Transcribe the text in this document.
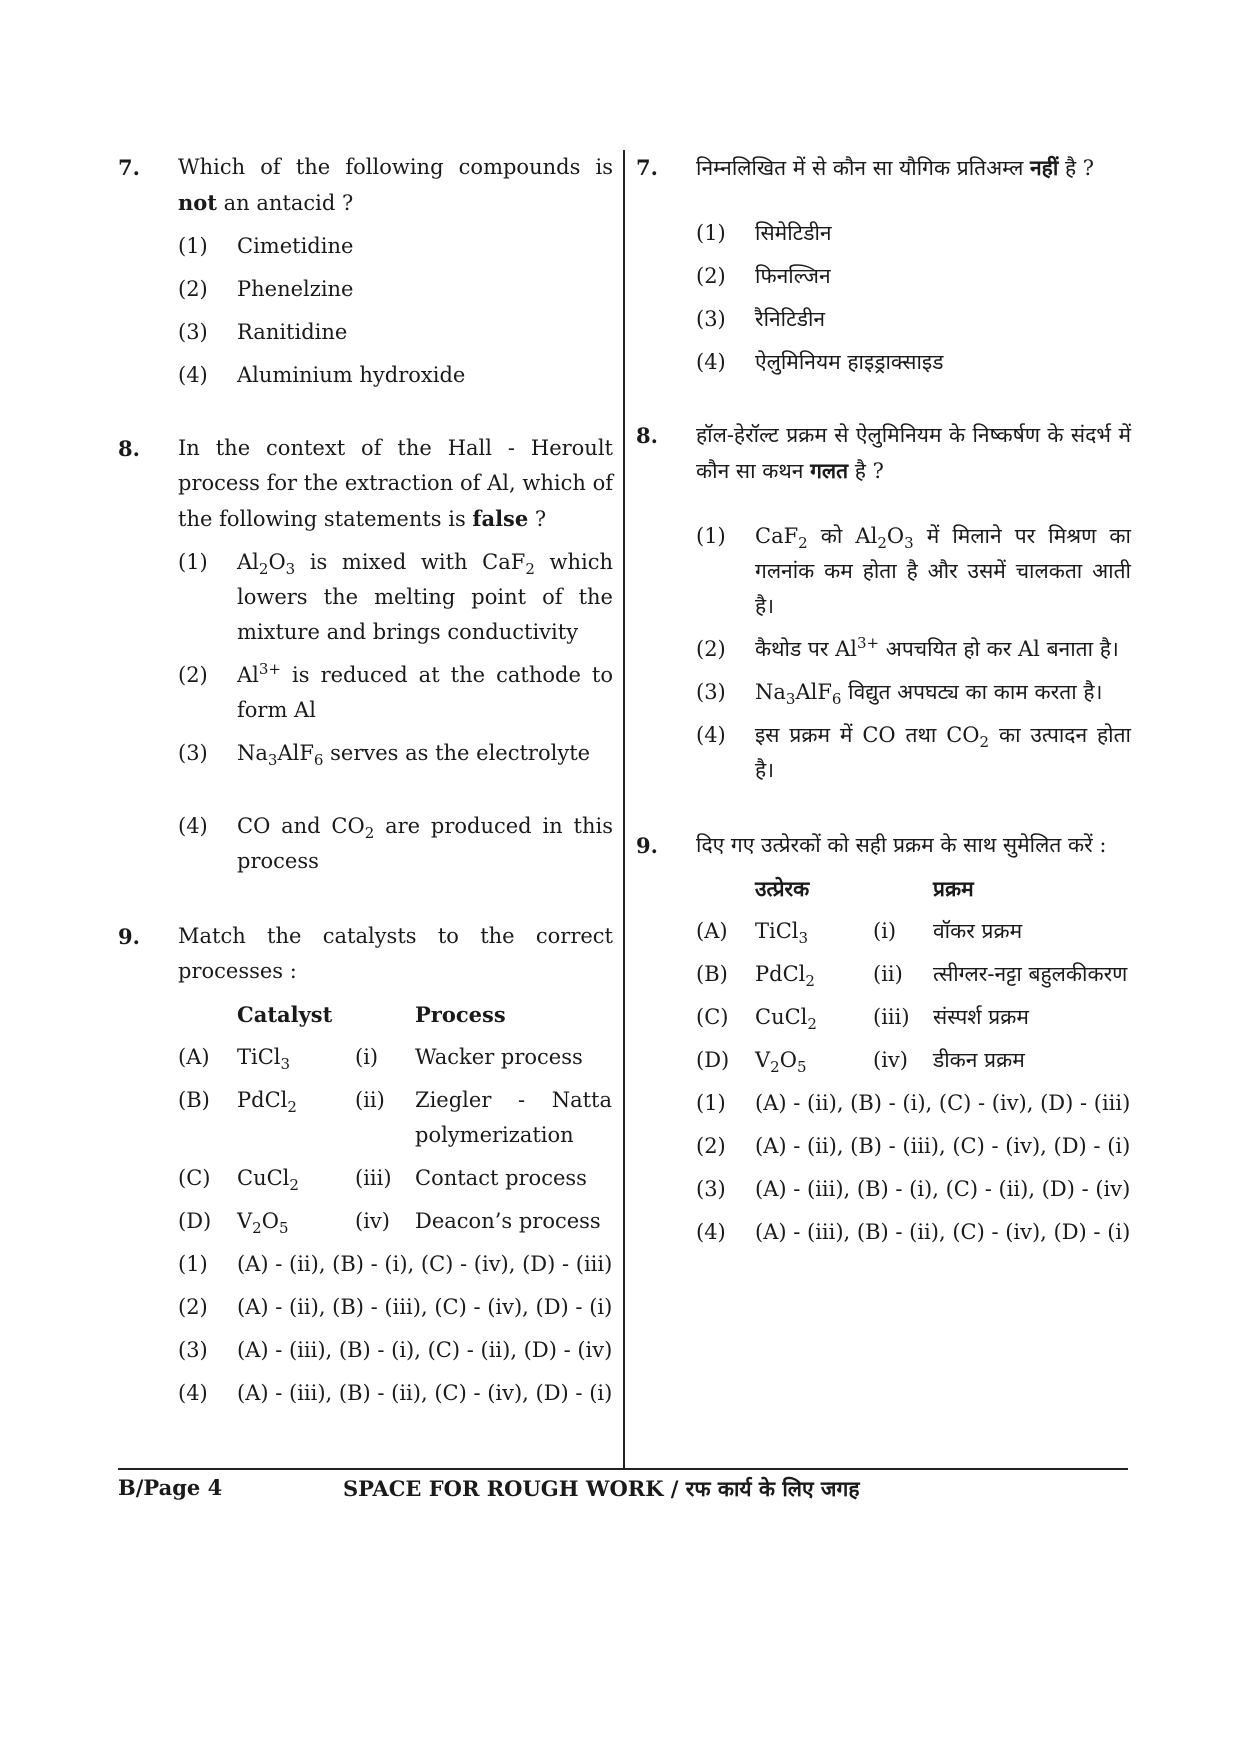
7. Which of the following compounds is not an antacid ?
(1) Cimetidine
(2) Phenelzine
(3) Ranitidine
(4) Aluminium hydroxide
8. In the context of the Hall - Heroult process for the extraction of Al, which of the following statements is false ?
(1) $Al_2O_3$ is mixed with CaF$_2$ which lowers the melting point of the mixture and brings conductivity
(2) $Al^{3+}$ is reduced at the cathode to form Al
(3) $Na_3AlF_6$ serves as the electrolyte
(4) CO and $CO_2$ are produced in this process
9. Match the catalysts to the correct processes :
	Catalyst		Process
(A)	TiCl$_3$	(i)	Wacker process
(B)	PdCl$_2$	(ii)	Ziegler - Natta polymerization
(C)	CuCl$_2$	(iii)	Contact process
(D)	$V_2O_5$	(iv)	Deacon’s process
(1) (A) - (ii), (B) - (i), (C) - (iv), (D) - (iii)
(2) (A) - (ii), (B) - (iii), (C) - (iv), (D) - (i)
(3) (A) - (iii), (B) - (i), (C) - (ii), (D) - (iv)
(4) (A) - (iii), (B) - (ii), (C) - (iv), (D) - (i)
7. निम्नलिखित में से कौन सा यौगिक प्रतिअम्ल नहीं है ?
(1) सिमेटिडीन
(2) फिनल्जिन
(3) रैनिटिडीन
(4) ऐलुमिनियम हाइड्राक्साइड
8. हॉल-हेरॉल्ट प्रक्रम से ऐलुमिनियम के निष्कर्षण के संदर्भ में कौन सा कथन गलत है ?
(1) CaF$_2$ को $Al_2O_3$ में मिलाने पर मिश्रण का गलनांक कम होता है और उसमें चालकता आती है।
(2) कैथोड पर $Al^{3+}$ अपचयित हो कर Al बनाता है।
(3) $Na_3AlF_6$ विद्युत अपघट्य का काम करता है।
(4) इस प्रक्रम में CO तथा $CO_2$ का उत्पादन होता है।
9. दिए गए उत्प्रेरकों को सही प्रक्रम के साथ सुमेलित करें :
	उत्प्रेरक		प्रक्रम
(A)	TiCl$_3$	(i)	वॉकर प्रक्रम
(B)	PdCl$_2$	(ii)	त्सीग्लर-नट्टा बहुलकीकरण
(C)	CuCl$_2$	(iii)	संस्पर्श प्रक्रम
(D)	$V_2O_5$	(iv)	डीकन प्रक्रम
(1) (A) - (ii), (B) - (i), (C) - (iv), (D) - (iii)
(2) (A) - (ii), (B) - (iii), (C) - (iv), (D) - (i)
(3) (A) - (iii), (B) - (i), (C) - (ii), (D) - (iv)
(4) (A) - (iii), (B) - (ii), (C) - (iv), (D) - (i)
B/Page 4	SPACE FOR ROUGH WORK / रफ कार्य के लिए जगह
